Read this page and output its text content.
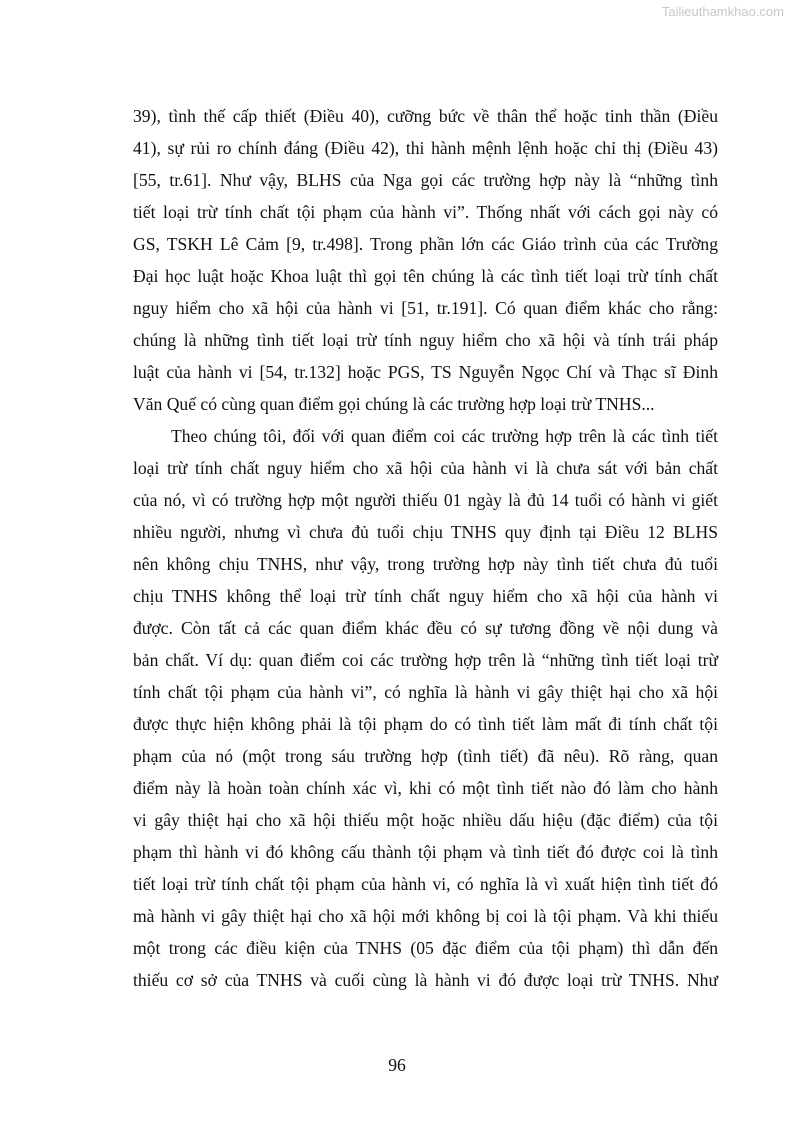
Tailieuthamkhao.com
39), tình thế cấp thiết (Điều 40), cưỡng bức về thân thể hoặc tinh thần (Điều
41), sự rủi ro chính đáng (Điều 42), thi hành mệnh lệnh hoặc chỉ thị (Điều 43)
[55, tr.61]. Như vậy, BLHS của Nga gọi các trường hợp này là “những tình
tiết loại trừ tính chất tội phạm của hành vi”. Thống nhất với cách gọi này có
GS, TSKH Lê Cảm [9, tr.498]. Trong phần lớn các Giáo trình của các Trường
Đại học luật hoặc Khoa luật thì gọi tên chúng là các tình tiết loại trừ tính chất
nguy hiểm cho xã hội của hành vi [51, tr.191]. Có quan điểm khác cho rằng:
chúng là những tình tiết loại trừ tính nguy hiểm cho xã hội và tính trái pháp
luật của hành vi [54, tr.132] hoặc PGS, TS Nguyễn Ngọc Chí và Thạc sĩ Đinh
Văn Quế có cùng quan điểm gọi chúng là các trường hợp loại trừ TNHS...
Theo chúng tôi, đối với quan điểm coi các trường hợp trên là các tình tiết
loại trừ tính chất nguy hiểm cho xã hội của hành vi là chưa sát với bản chất
của nó, vì có trường hợp một người thiếu 01 ngày là đủ 14 tuổi có hành vi giết
nhiều người, nhưng vì chưa đủ tuổi chịu TNHS quy định tại Điều 12 BLHS
nên không chịu TNHS, như vậy, trong trường hợp này tình tiết chưa đủ tuổi
chịu TNHS không thể loại trừ tính chất nguy hiểm cho xã hội của hành vi
được. Còn tất cả các quan điểm khác đều có sự tương đồng về nội dung và
bản chất. Ví dụ: quan điểm coi các trường hợp trên là “những tình tiết loại trừ
tính chất tội phạm của hành vi”, có nghĩa là hành vi gây thiệt hại cho xã hội
được thực hiện không phải là tội phạm do có tình tiết làm mất đi tính chất tội
phạm của nó (một trong sáu trường hợp (tình tiết) đã nêu). Rõ ràng, quan
điểm này là hoàn toàn chính xác vì, khi có một tình tiết nào đó làm cho hành
vi gây thiệt hại cho xã hội thiếu một hoặc nhiều dấu hiệu (đặc điểm) của tội
phạm thì hành vi đó không cấu thành tội phạm và tình tiết đó được coi là tình
tiết loại trừ tính chất tội phạm của hành vi, có nghĩa là vì xuất hiện tình tiết đó
mà hành vi gây thiệt hại cho xã hội mới không bị coi là tội phạm. Và khi thiếu
một trong các điều kiện của TNHS (05 đặc điểm của tội phạm) thì dẫn đến
thiếu cơ sở của TNHS và cuối cùng là hành vi đó được loại trừ TNHS. Như
96
